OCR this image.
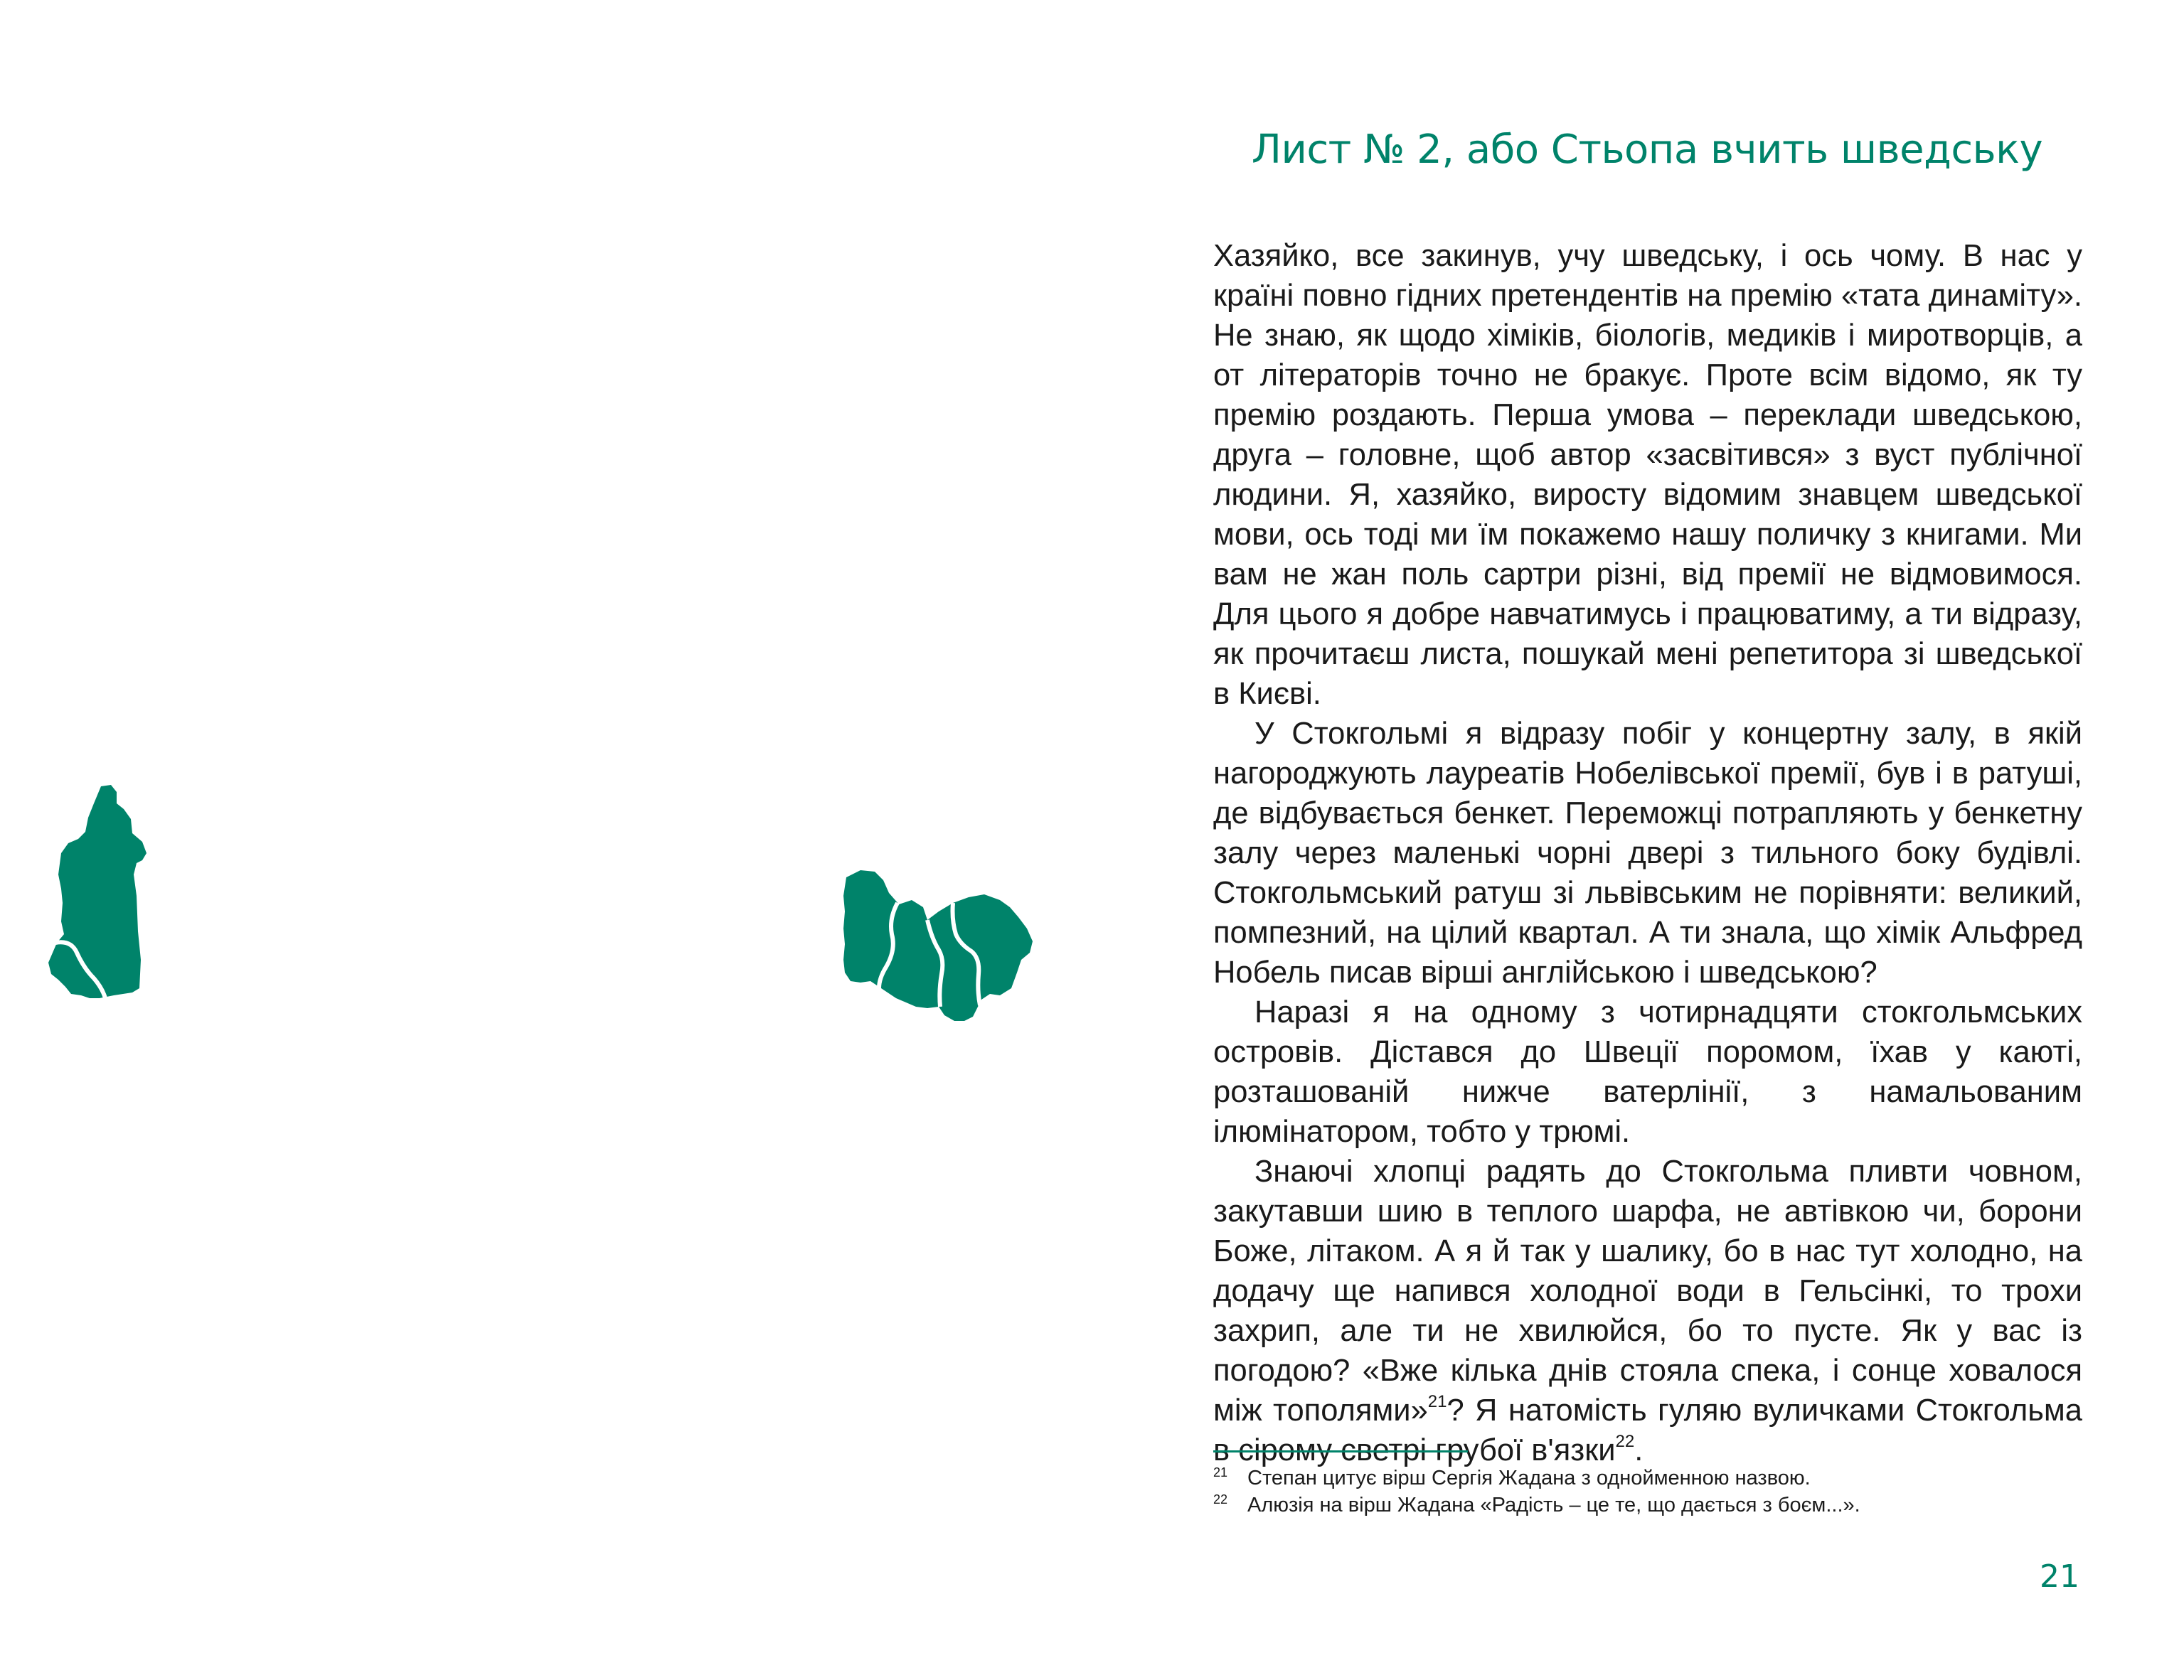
Лист № 2, або Стьопа вчить шведську

Хазяйко, все закинув, учу шведську, і ось чому. В нас у країні повно гідних претендентів на премію «тата динаміту». Не знаю, як щодо хіміків, біологів, медиків і миротворців, а от літераторів точно не бракує. Проте всім відомо, як ту премію роздають. Перша умова – переклади шведською, друга – головне, щоб автор «засвітився» з вуст публічної людини. Я, хазяйко, виросту відомим знавцем шведської мови, ось тоді ми їм покажемо нашу поличку з книгами. Ми вам не жан поль сартри різні, від премії не відмовимося. Для цього я добре навчатимусь і працюватиму, а ти відразу, як прочитаєш листа, пошукай мені репетитора зі шведської в Києві.

У Стокгольмі я відразу побіг у концертну залу, в якій нагороджують лауреатів Нобелівської премії, був і в ратуші, де відбувається бенкет. Переможці потрапляють у бенкетну залу через маленькі чорні двері з тильного боку будівлі. Стокгольмський ратуш зі львівським не порівняти: великий, помпезний, на цілий квартал. А ти знала, що хімік Альфред Нобель писав вірші англійською і шведською?

Наразі я на одному з чотирнадцяти стокгольмських островів. Дістався до Швеції поромом, їхав у каюті, розташованій нижче ватерлінії, з намальованим ілюмінатором, тобто у трюмі.

Знаючі хлопці радять до Стокгольма пливти човном, закутавши шию в теплого шарфа, не автівкою чи, борони Боже, літаком. А я й так у шалику, бо в нас тут холодно, на додачу ще напився холодної води в Гельсінкі, то трохи захрип, але ти не хвилюйся, бо то пусте. Як у вас із погодою? «Вже кілька днів стояла спека, і сонце ховалося між тополями»$^{21}$? Я натомість гуляю вуличками Стокгольма в сірому светрі грубої в'язки$^{22}$.

21 Степан цитує вірш Сергія Жадана з однойменною назвою.
22 Алюзія на вірш Жадана «Радість – це те, що дається з боєм...».
21
